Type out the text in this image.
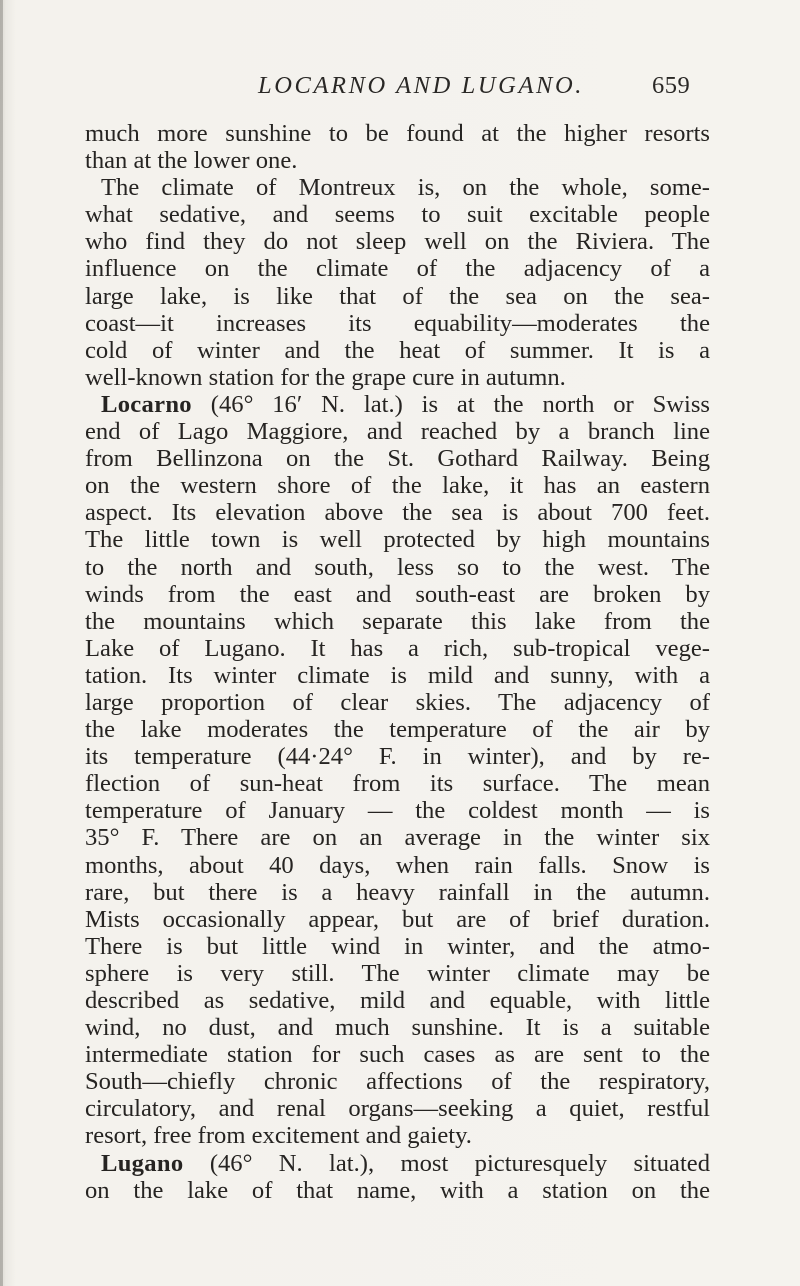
LOCARNO AND LUGANO.	659
much more sunshine to be found at the higher resorts
than at the lower one.
The climate of Montreux is, on the whole, some-
what sedative, and seems to suit excitable people
who find they do not sleep well on the Riviera. The
influence on the climate of the adjacency of a
large lake, is like that of the sea on the sea-
coast—it increases its equability—moderates the
cold of winter and the heat of summer. It is a
well-known station for the grape cure in autumn.
Locarno (46° 16′ N. lat.) is at the north or Swiss
end of Lago Maggiore, and reached by a branch line
from Bellinzona on the St. Gothard Railway. Being
on the western shore of the lake, it has an eastern
aspect. Its elevation above the sea is about 700 feet.
The little town is well protected by high mountains
to the north and south, less so to the west. The
winds from the east and south-east are broken by
the mountains which separate this lake from the
Lake of Lugano. It has a rich, sub-tropical vege-
tation. Its winter climate is mild and sunny, with a
large proportion of clear skies. The adjacency of
the lake moderates the temperature of the air by
its temperature (44·24° F. in winter), and by re-
flection of sun-heat from its surface. The mean
temperature of January — the coldest month — is
35° F. There are on an average in the winter six
months, about 40 days, when rain falls. Snow is
rare, but there is a heavy rainfall in the autumn.
Mists occasionally appear, but are of brief duration.
There is but little wind in winter, and the atmo-
sphere is very still. The winter climate may be
described as sedative, mild and equable, with little
wind, no dust, and much sunshine. It is a suitable
intermediate station for such cases as are sent to the
South—chiefly chronic affections of the respiratory,
circulatory, and renal organs—seeking a quiet, restful
resort, free from excitement and gaiety.
Lugano (46° N. lat.), most picturesquely situated
on the lake of that name, with a station on the
